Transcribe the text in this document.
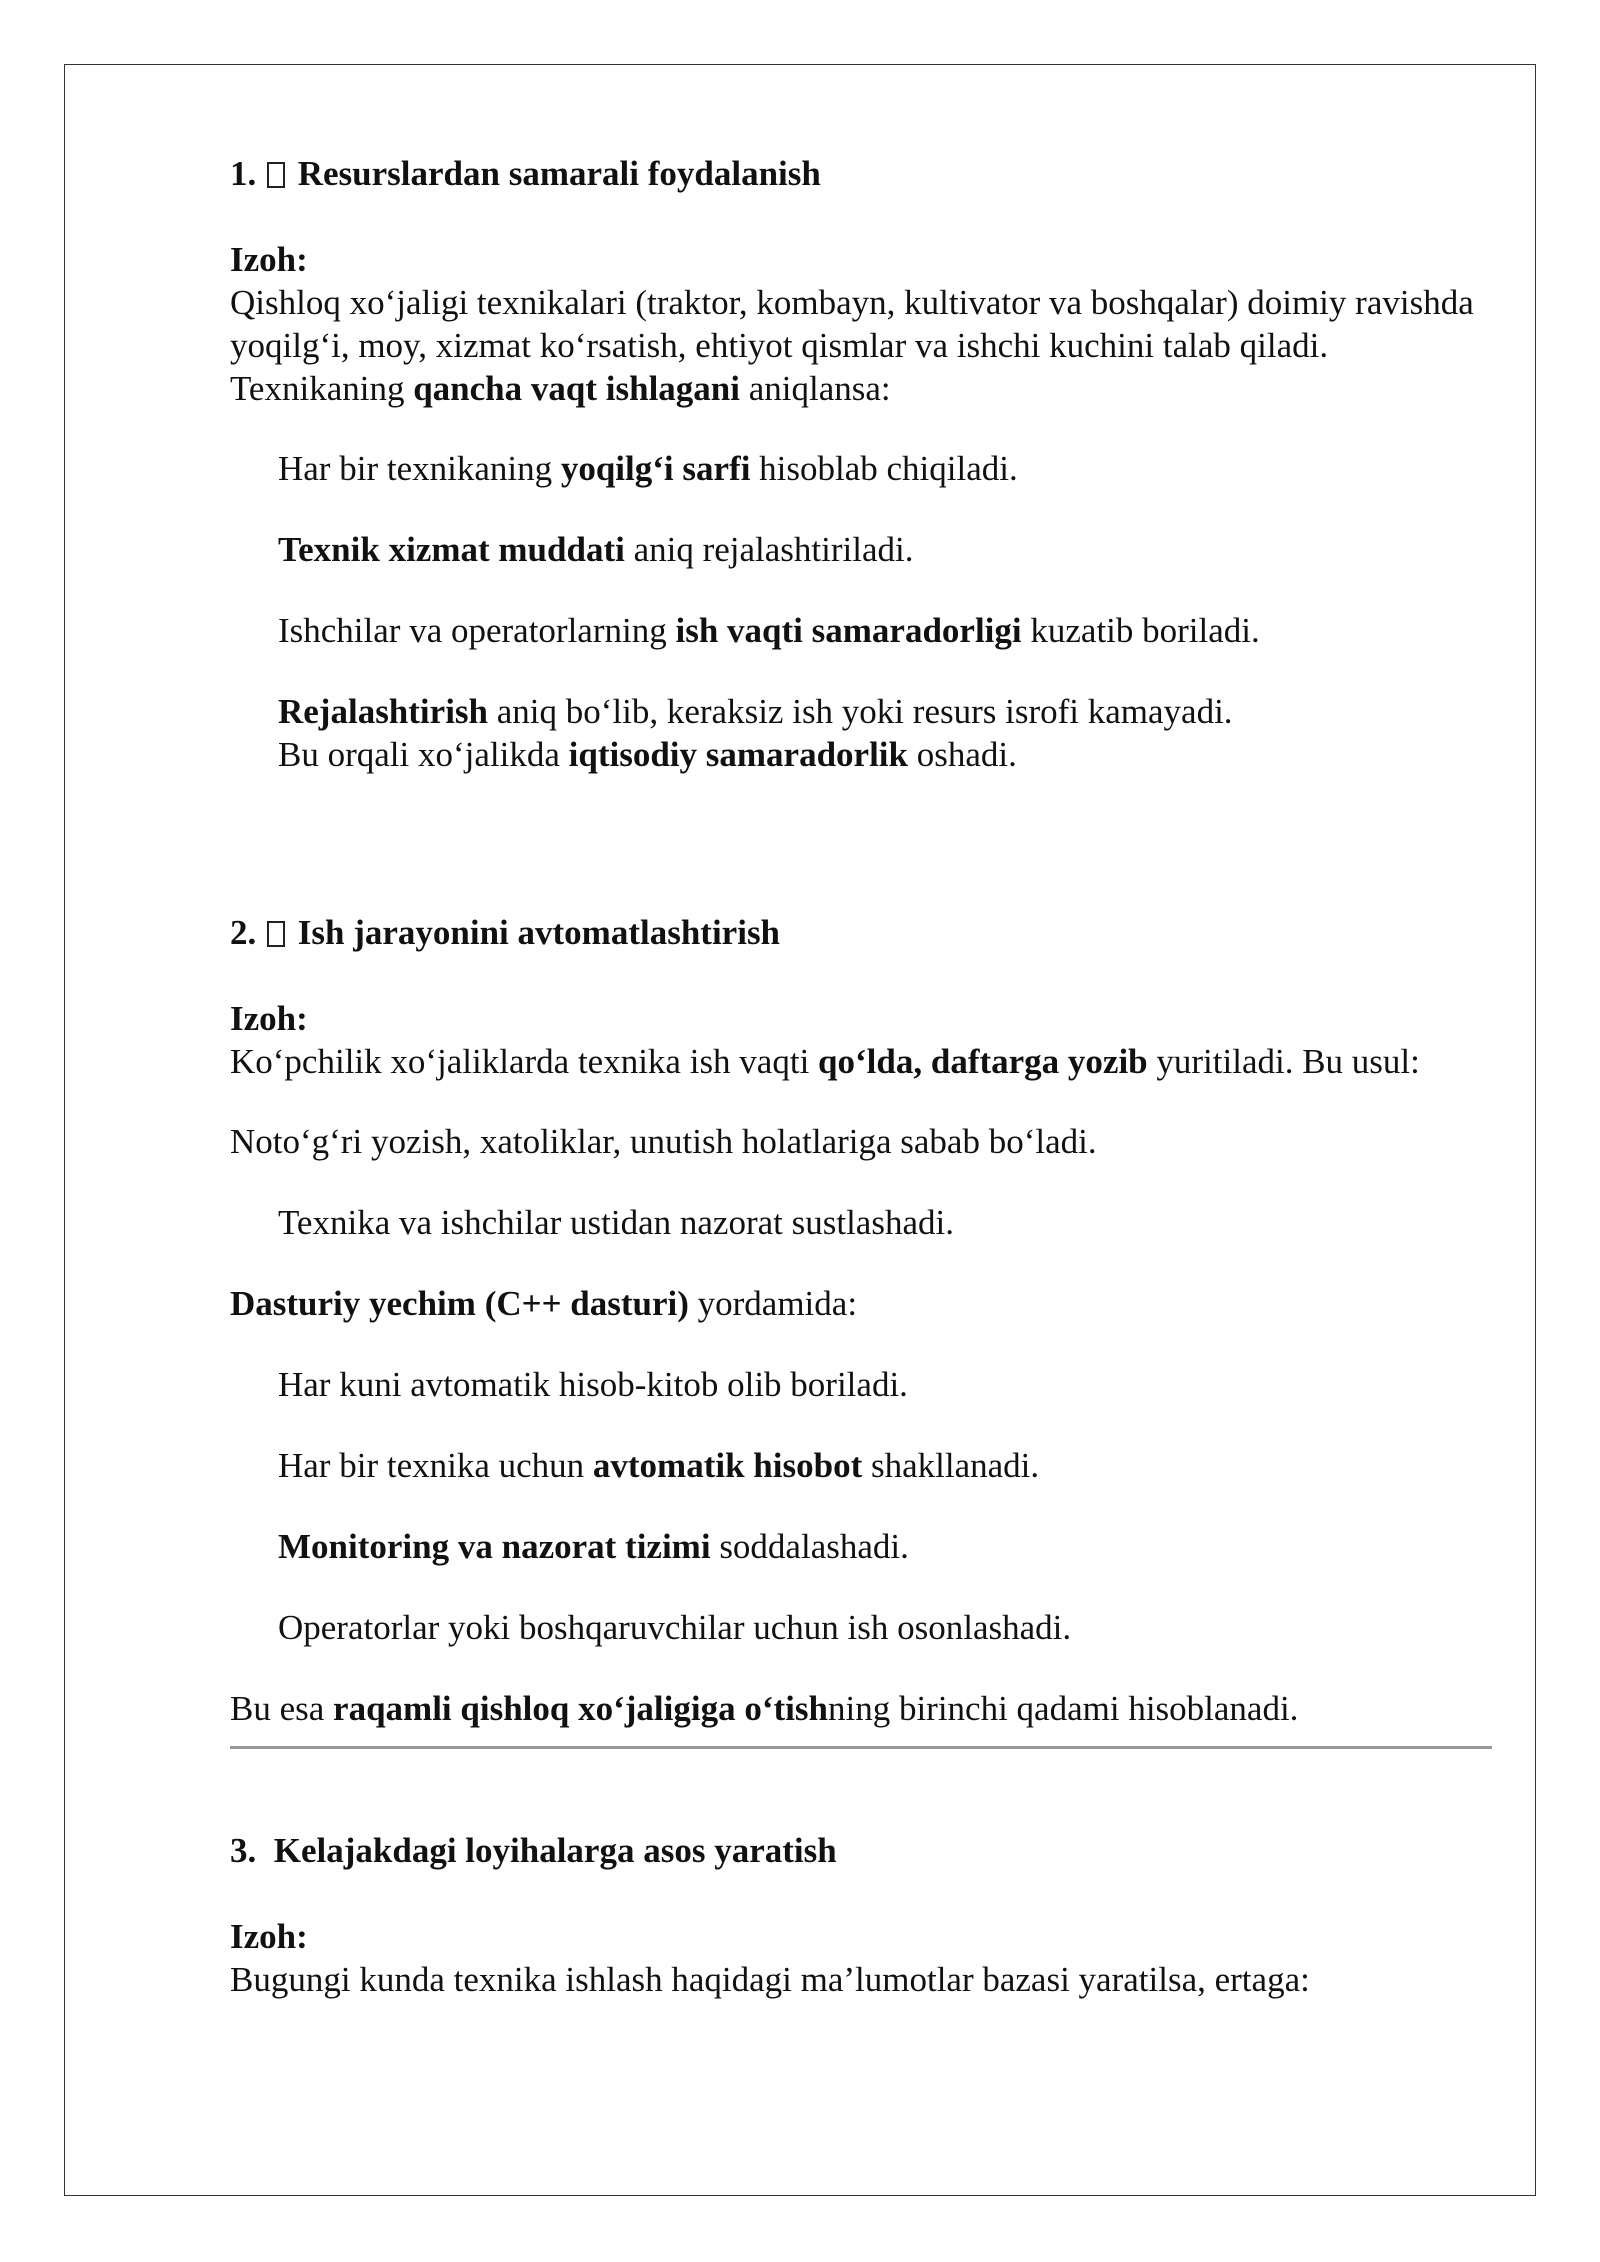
1. Resurslardan samarali foydalanish

Izoh:

Qishloq xo‘jaligi texnikalari (traktor, kombayn, kultivator va boshqalar) doimiy ravishda yoqilg‘i, moy, xizmat ko‘rsatish, ehtiyot qismlar va ishchi kuchini talab qiladi. Texnikaning qancha vaqt ishlagani aniqlansa:

Har bir texnikaning yoqilg‘i sarfi hisoblab chiqiladi.

Texnik xizmat muddati aniq rejalashtiriladi.

Ishchilar va operatorlarning ish vaqti samaradorligi kuzatib boriladi.

Rejalashtirish aniq bo‘lib, keraksiz ish yoki resurs isrofi kamayadi.

Bu orqali xo‘jalikda iqtisodiy samaradorlik oshadi.

2. Ish jarayonini avtomatlashtirish

Izoh:

Ko‘pchilik xo‘jaliklarda texnika ish vaqti qo‘lda, daftarga yozib yuritiladi. Bu usul:

Noto‘g‘ri yozish, xatoliklar, unutish holatlariga sabab bo‘ladi.

Texnika va ishchilar ustidan nazorat sustlashadi.

Dasturiy yechim (C++ dasturi) yordamida:

Har kuni avtomatik hisob-kitob olib boriladi.

Har bir texnika uchun avtomatik hisobot shakllanadi.

Monitoring va nazorat tizimi soddalashadi.

Operatorlar yoki boshqaruvchilar uchun ish osonlashadi.

Bu esa raqamli qishloq xo‘jaligiga o‘tishning birinchi qadami hisoblanadi.

3. Kelajakdagi loyihalarga asos yaratish

Izoh:

Bugungi kunda texnika ishlash haqidagi ma’lumotlar bazasi yaratilsa, ertaga:
